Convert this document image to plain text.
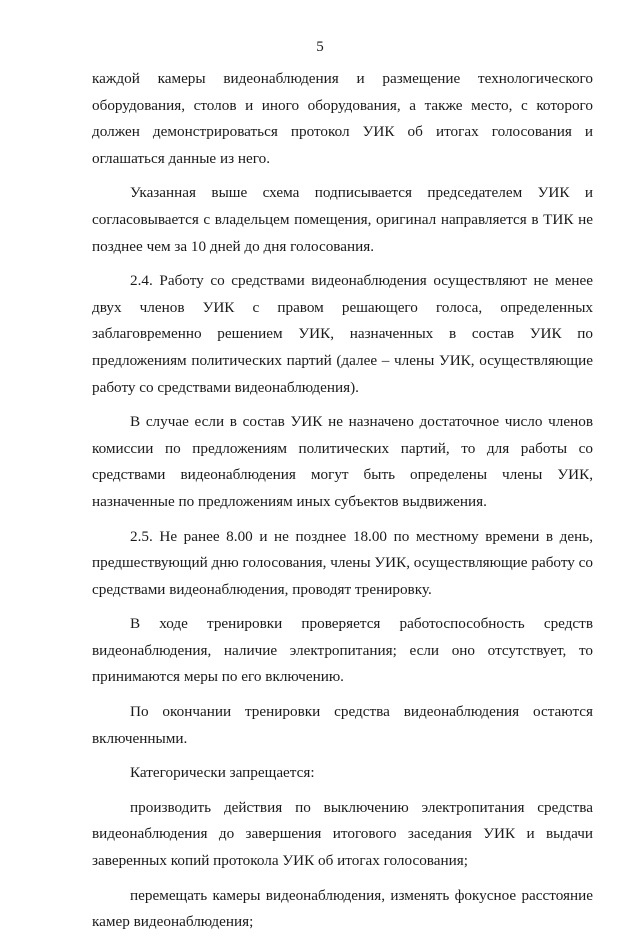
5

каждой камеры видеонаблюдения и размещение технологического оборудования, столов и иного оборудования, а также место, с которого должен демонстрироваться протокол УИК об итогах голосования и оглашаться данные из него.

Указанная выше схема подписывается председателем УИК и согласовывается с владельцем помещения, оригинал направляется в ТИК не позднее чем за 10 дней до дня голосования.

2.4. Работу со средствами видеонаблюдения осуществляют не менее двух членов УИК с правом решающего голоса, определенных заблаговременно решением УИК, назначенных в состав УИК по предложениям политических партий (далее – члены УИК, осуществляющие работу со средствами видеонаблюдения).

В случае если в состав УИК не назначено достаточное число членов комиссии по предложениям политических партий, то для работы со средствами видеонаблюдения могут быть определены члены УИК, назначенные по предложениям иных субъектов выдвижения.

2.5. Не ранее 8.00 и не позднее 18.00 по местному времени в день, предшествующий дню голосования, члены УИК, осуществляющие работу со средствами видеонаблюдения, проводят тренировку.

В ходе тренировки проверяется работоспособность средств видеонаблюдения, наличие электропитания; если оно отсутствует, то принимаются меры по его включению.

По окончании тренировки средства видеонаблюдения остаются включенными.

Категорически запрещается:

производить действия по выключению электропитания средства видеонаблюдения до завершения итогового заседания УИК и выдачи заверенных копий протокола УИК об итогах голосования;

перемещать камеры видеонаблюдения, изменять фокусное расстояние камер видеонаблюдения;
